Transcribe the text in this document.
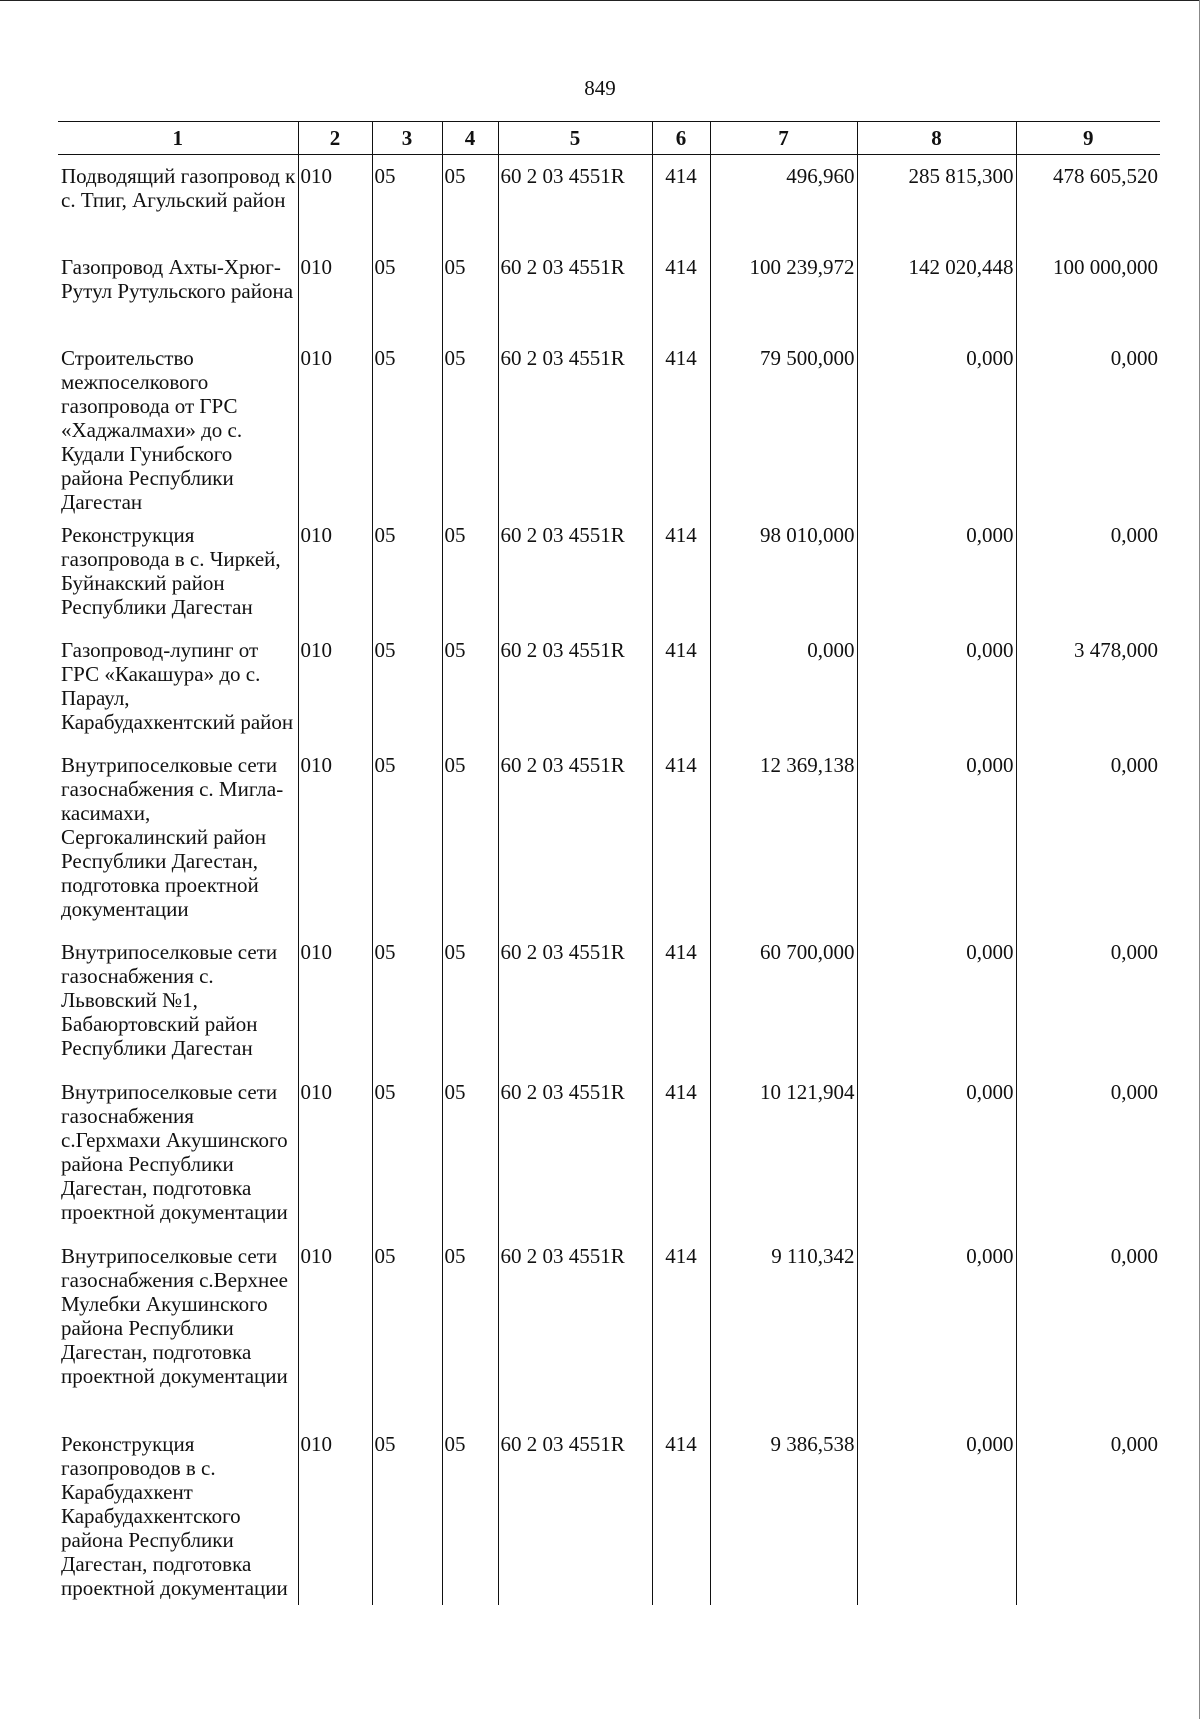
849
1	2	3	4	5	6	7	8	9
Подводящий газопровод к с. Тпиг, Агульский район	010	05	05	60 2 03 4551R	414	496,960	285 815,300	478 605,520
Газопровод Ахты-Хрюг-Рутул Рутульского района	010	05	05	60 2 03 4551R	414	100 239,972	142 020,448	100 000,000
Строительство межпоселкового газопровода от ГРС «Хаджалмахи» до с. Кудали Гунибского района Республики Дагестан	010	05	05	60 2 03 4551R	414	79 500,000	0,000	0,000
Реконструкция газопровода в с. Чиркей, Буйнакский район Республики Дагестан	010	05	05	60 2 03 4551R	414	98 010,000	0,000	0,000
Газопровод-лупинг от ГРС «Какашура» до с. Параул, Карабудахкентский район	010	05	05	60 2 03 4551R	414	0,000	0,000	3 478,000
Внутрипоселковые сети газоснабжения с. Мигла-касимахи, Сергокалинский район Республики Дагестан, подготовка проектной документации	010	05	05	60 2 03 4551R	414	12 369,138	0,000	0,000
Внутрипоселковые сети газоснабжения с. Львовский №1, Бабаюртовский район Республики Дагестан	010	05	05	60 2 03 4551R	414	60 700,000	0,000	0,000
Внутрипоселковые сети газоснабжения с.Герхмахи Акушинского района Республики Дагестан, подготовка проектной документации	010	05	05	60 2 03 4551R	414	10 121,904	0,000	0,000
Внутрипоселковые сети газоснабжения с.Верхнее Мулебки Акушинского района Республики Дагестан, подготовка проектной документации	010	05	05	60 2 03 4551R	414	9 110,342	0,000	0,000
Реконструкция газопроводов в с. Карабудахкент Карабудахкентского района Республики Дагестан, подготовка проектной документации	010	05	05	60 2 03 4551R	414	9 386,538	0,000	0,000
